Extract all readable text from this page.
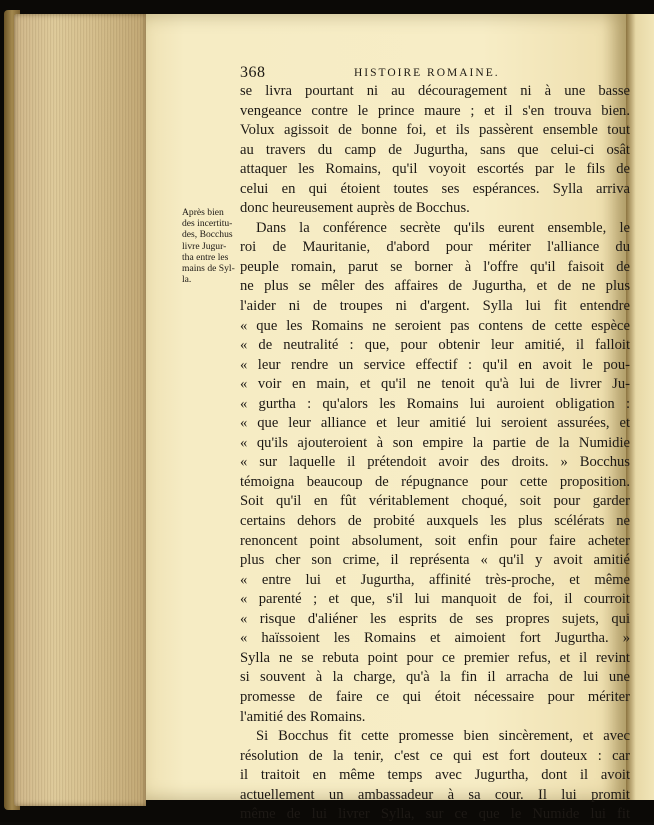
368	HISTOIRE ROMAINE.
Après bien
des incertitu-
des, Bocchus
livre Jugur-
tha entre les
mains de Syl-
la.
se livra pourtant ni au découragement ni à une basse
vengeance contre le prince maure ; et il s'en trouva bien.
Volux agissoit de bonne foi, et ils passèrent ensemble tout
au travers du camp de Jugurtha, sans que celui-ci osât
attaquer les Romains, qu'il voyoit escortés par le fils de
celui en qui étoient toutes ses espérances. Sylla arriva
donc heureusement auprès de Bocchus.
Dans la conférence secrète qu'ils eurent ensemble, le
roi de Mauritanie, d'abord pour mériter l'alliance du
peuple romain, parut se borner à l'offre qu'il faisoit de
ne plus se mêler des affaires de Jugurtha, et de ne plus
l'aider ni de troupes ni d'argent. Sylla lui fit entendre
« que les Romains ne seroient pas contens de cette espèce
« de neutralité : que, pour obtenir leur amitié, il falloit
« leur rendre un service effectif : qu'il en avoit le pou-
« voir en main, et qu'il ne tenoit qu'à lui de livrer Ju-
« gurtha : qu'alors les Romains lui auroient obligation :
« que leur alliance et leur amitié lui seroient assurées, et
« qu'ils ajouteroient à son empire la partie de la Numidie
« sur laquelle il prétendoit avoir des droits. » Bocchus
témoigna beaucoup de répugnance pour cette proposition.
Soit qu'il en fût véritablement choqué, soit pour garder
certains dehors de probité auxquels les plus scélérats ne
renoncent point absolument, soit enfin pour faire acheter
plus cher son crime, il représenta « qu'il y avoit amitié
« entre lui et Jugurtha, affinité très-proche, et même
« parenté ; et que, s'il lui manquoit de foi, il courroit
« risque d'aliéner les esprits de ses propres sujets, qui
« haïssoient les Romains et aimoient fort Jugurtha. »
Sylla ne se rebuta point pour ce premier refus, et il revint
si souvent à la charge, qu'à la fin il arracha de lui une
promesse de faire ce qui étoit nécessaire pour mériter
l'amitié des Romains.
Si Bocchus fit cette promesse bien sincèrement, et avec
résolution de la tenir, c'est ce qui est fort douteux : car
il traitoit en même temps avec Jugurtha, dont il avoit
actuellement un ambassadeur à sa cour. Il lui promit
même de lui livrer Sylla, sur ce que le Numide lui fit
